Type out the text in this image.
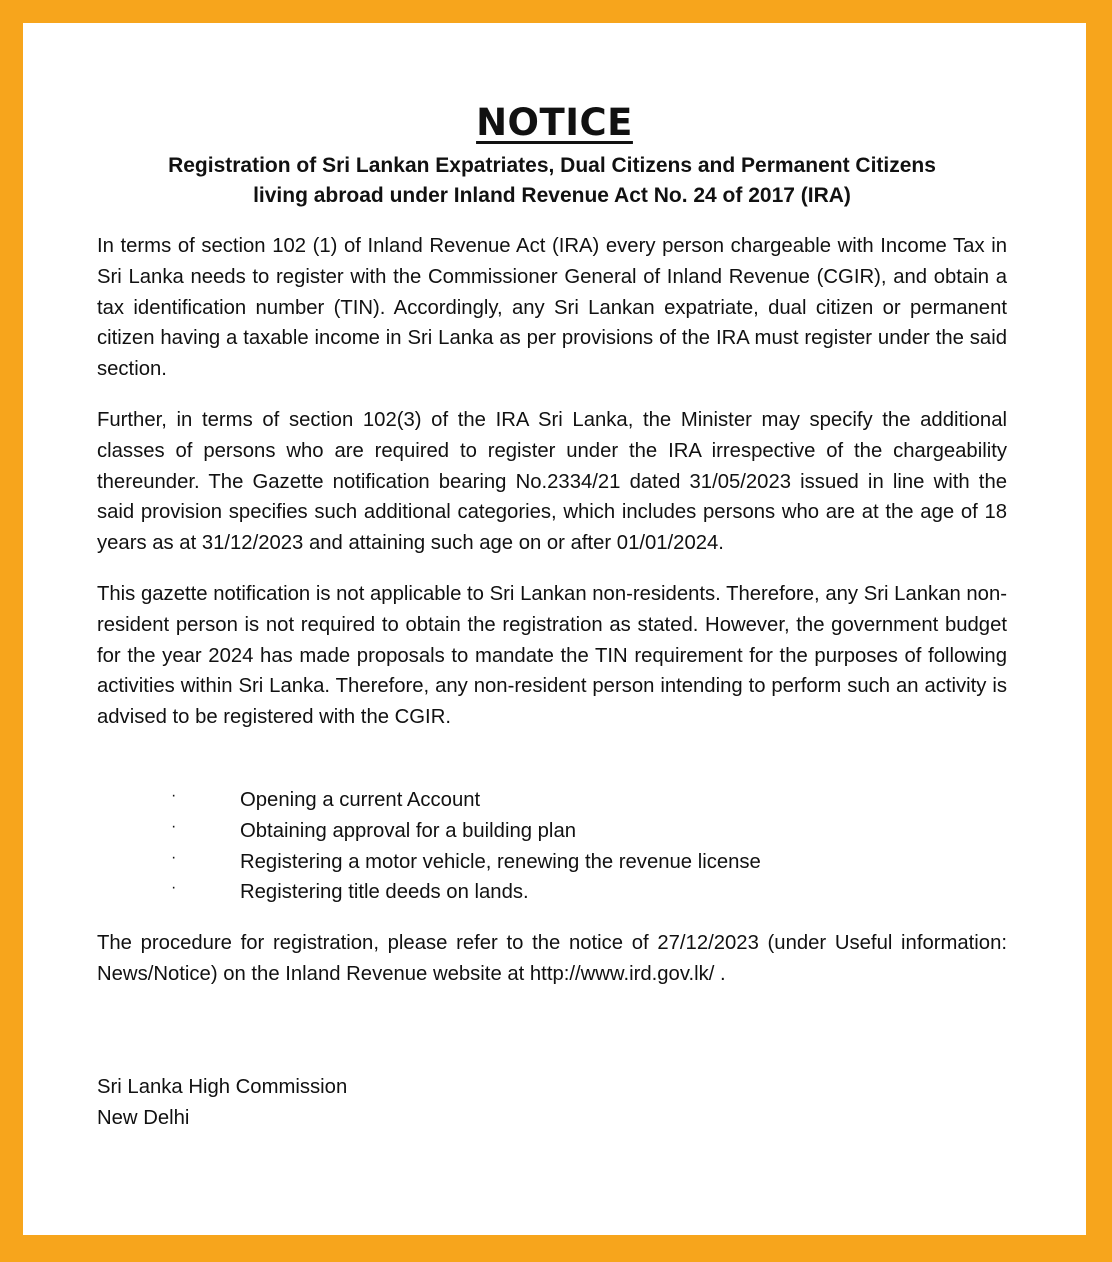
NOTICE
Registration of Sri Lankan Expatriates, Dual Citizens and Permanent Citizens
living abroad under Inland Revenue Act No. 24 of 2017 (IRA)
In terms of section 102 (1) of Inland Revenue Act (IRA) every person chargeable with Income Tax in Sri Lanka needs to register with the Commissioner General of Inland Revenue (CGIR), and obtain a tax identification number (TIN). Accordingly, any Sri Lankan expatriate, dual citizen or permanent citizen having a taxable income in Sri Lanka as per provisions of the IRA must register under the said section.
Further, in terms of section 102(3) of the IRA Sri Lanka, the Minister may specify the additional classes of persons who are required to register under the IRA irrespective of the chargeability thereunder. The Gazette notification bearing No.2334/21 dated 31/05/2023 issued in line with the said provision specifies such additional categories, which includes persons who are at the age of 18 years as at 31/12/2023 and attaining such age on or after 01/01/2024.
This gazette notification is not applicable to Sri Lankan non-residents. Therefore, any Sri Lankan non-resident person is not required to obtain the registration as stated. However, the government budget for the year 2024 has made proposals to mandate the TIN requirement for the purposes of following activities within Sri Lanka. Therefore, any non-resident person intending to perform such an activity is advised to be registered with the CGIR.
·	Opening a current Account
·	Obtaining approval for a building plan
·	Registering a motor vehicle, renewing the revenue license
·	Registering title deeds on lands.
The procedure for registration, please refer to the notice of 27/12/2023 (under Useful information: News/Notice) on the Inland Revenue website at http://www.ird.gov.lk/ .
Sri Lanka High Commission
New Delhi
